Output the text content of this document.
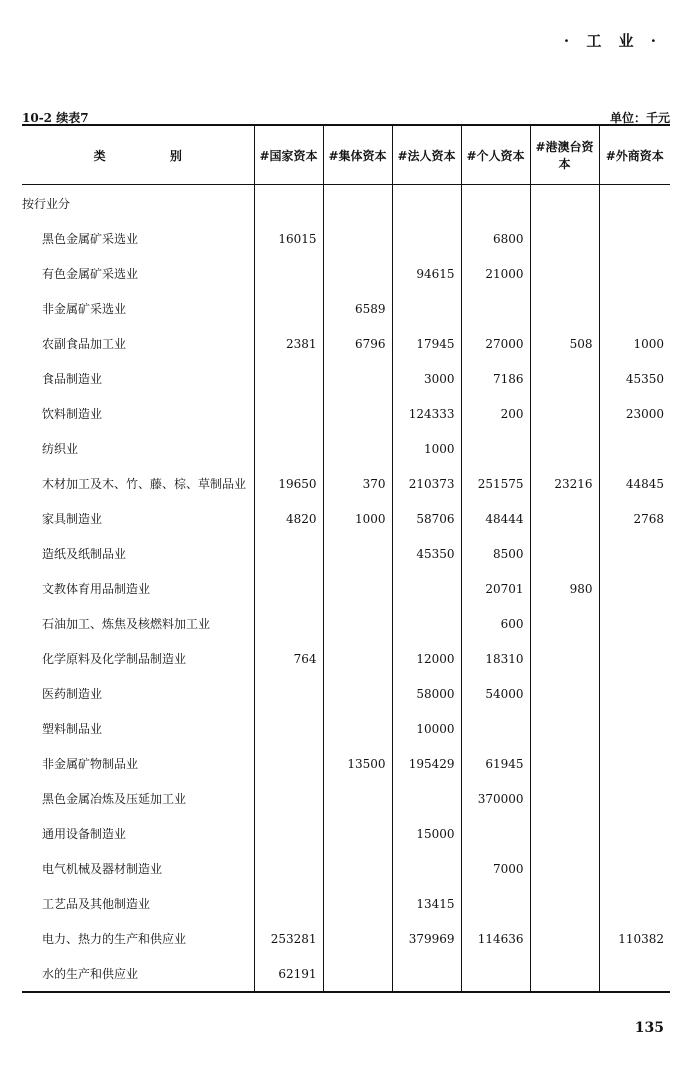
· 工 业 ·
10-2 续表7	单位：千元
类 别	#国家资本	#集体资本	#法人资本	#个人资本	#港澳台资本	#外商资本
按行业分						
黑色金属矿采选业	16015			6800		
有色金属矿采选业			94615	21000		
非金属矿采选业		6589				
农副食品加工业	2381	6796	17945	27000	508	1000
食品制造业			3000	7186		45350
饮料制造业			124333	200		23000
纺织业			1000			
木材加工及木、竹、藤、棕、草制品业	19650	370	210373	251575	23216	44845
家具制造业	4820	1000	58706	48444		2768
造纸及纸制品业			45350	8500		
文教体育用品制造业				20701	980	
石油加工、炼焦及核燃料加工业				600		
化学原料及化学制品制造业	764		12000	18310		
医药制造业			58000	54000		
塑料制品业			10000			
非金属矿物制品业		13500	195429	61945		
黑色金属冶炼及压延加工业				370000		
通用设备制造业			15000			
电气机械及器材制造业				7000		
工艺品及其他制造业			13415			
电力、热力的生产和供应业	253281		379969	114636		110382
水的生产和供应业	62191					
135
